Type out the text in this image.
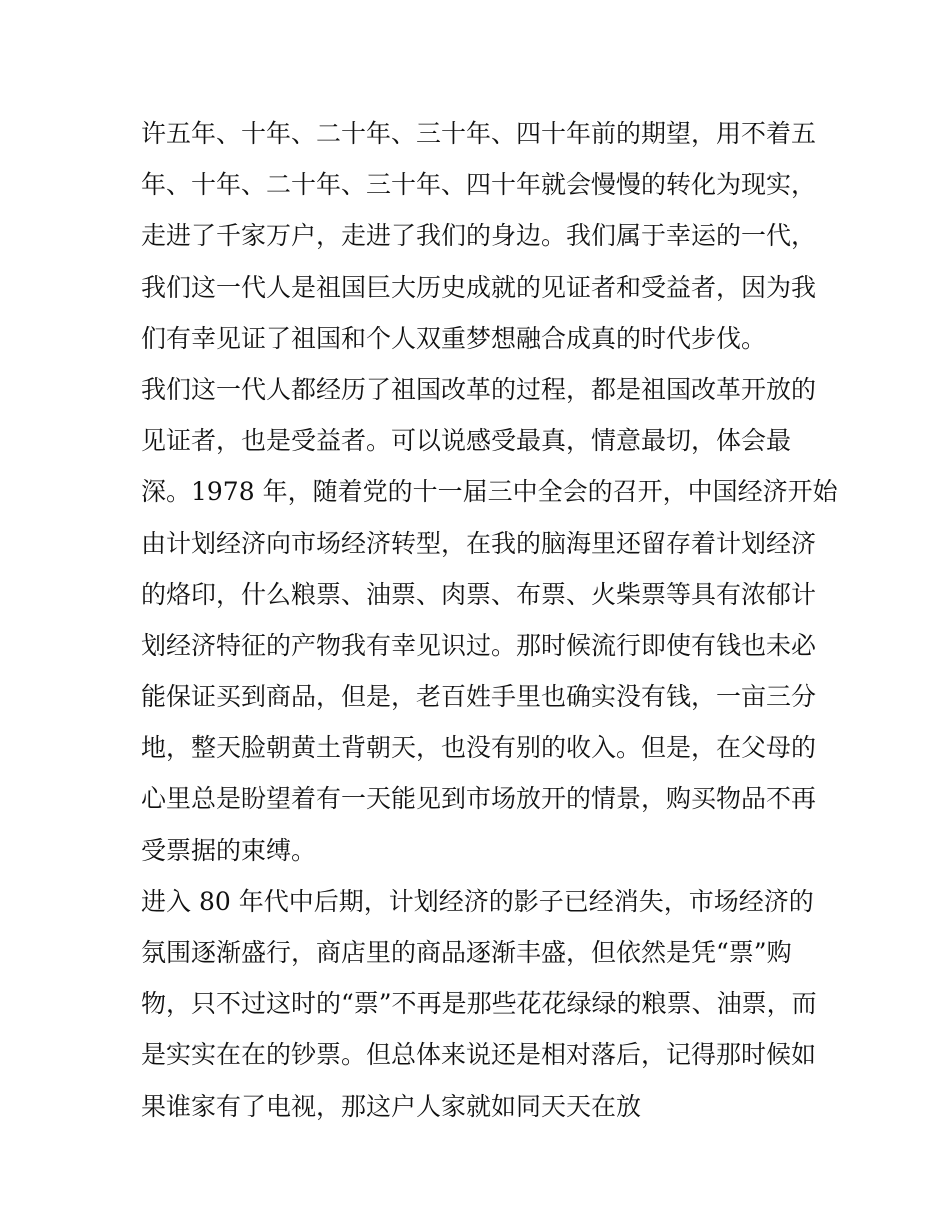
许五年、十年、二十年、三十年、四十年前的期望，用不着五
年、十年、二十年、三十年、四十年就会慢慢的转化为现实，
走进了千家万户，走进了我们的身边。我们属于幸运的一代，
我们这一代人是祖国巨大历史成就的见证者和受益者，因为我
们有幸见证了祖国和个人双重梦想融合成真的时代步伐。
我们这一代人都经历了祖国改革的过程，都是祖国改革开放的
见证者，也是受益者。可以说感受最真，情意最切，体会最
深。1978 年，随着党的十一届三中全会的召开，中国经济开始
由计划经济向市场经济转型，在我的脑海里还留存着计划经济
的烙印，什么粮票、油票、肉票、布票、火柴票等具有浓郁计
划经济特征的产物我有幸见识过。那时候流行即使有钱也未必
能保证买到商品，但是，老百姓手里也确实没有钱，一亩三分
地，整天脸朝黄土背朝天，也没有别的收入。但是，在父母的
心里总是盼望着有一天能见到市场放开的情景，购买物品不再
受票据的束缚。
进入 80 年代中后期，计划经济的影子已经消失，市场经济的
氛围逐渐盛行，商店里的商品逐渐丰盛，但依然是凭“票”购
物，只不过这时的“票”不再是那些花花绿绿的粮票、油票，而
是实实在在的钞票。但总体来说还是相对落后，记得那时候如
果谁家有了电视，那这户人家就如同天天在放
